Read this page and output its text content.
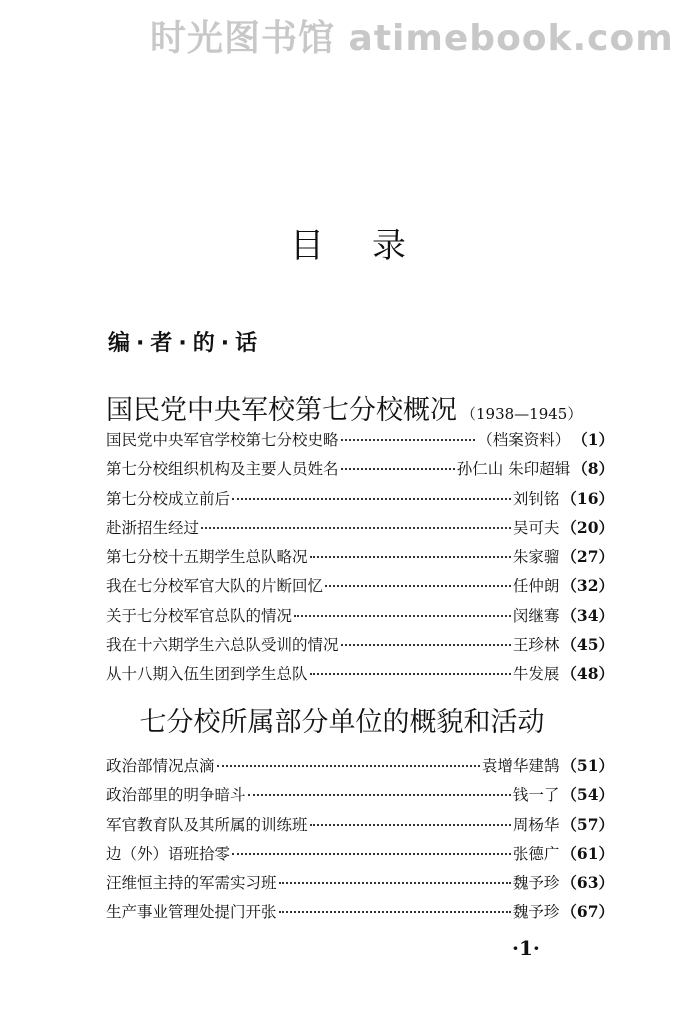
时光图书馆 atimebook.com
目录
编·者·的·话
国民党中央军校第七分校概况 （1938—1945）
国民党中央军官学校第七分校史略	（档案资料） （1）
第七分校组织机构及主要人员姓名	孙仁山 朱印超辑 （8）
第七分校成立前后	刘钊铭 （16）
赴浙招生经过	吴可夫 （20）
第七分校十五期学生总队略况	朱家骝 （27）
我在七分校军官大队的片断回忆	任仲朗 （32）
关于七分校军官总队的情况	闵继骞 （34）
我在十六期学生六总队受训的情况	王珍林 （45）
从十八期入伍生团到学生总队	牛发展 （48）
七分校所属部分单位的概貌和活动
政治部情况点滴	袁增华建鹄 （51）
政治部里的明争暗斗	钱一了 （54）
军官教育队及其所属的训练班	周杨华 （57）
边（外）语班拾零	张德广 （61）
汪维恒主持的军需实习班	魏予珍 （63）
生产事业管理处提门开张	魏予珍 （67）
·1·
